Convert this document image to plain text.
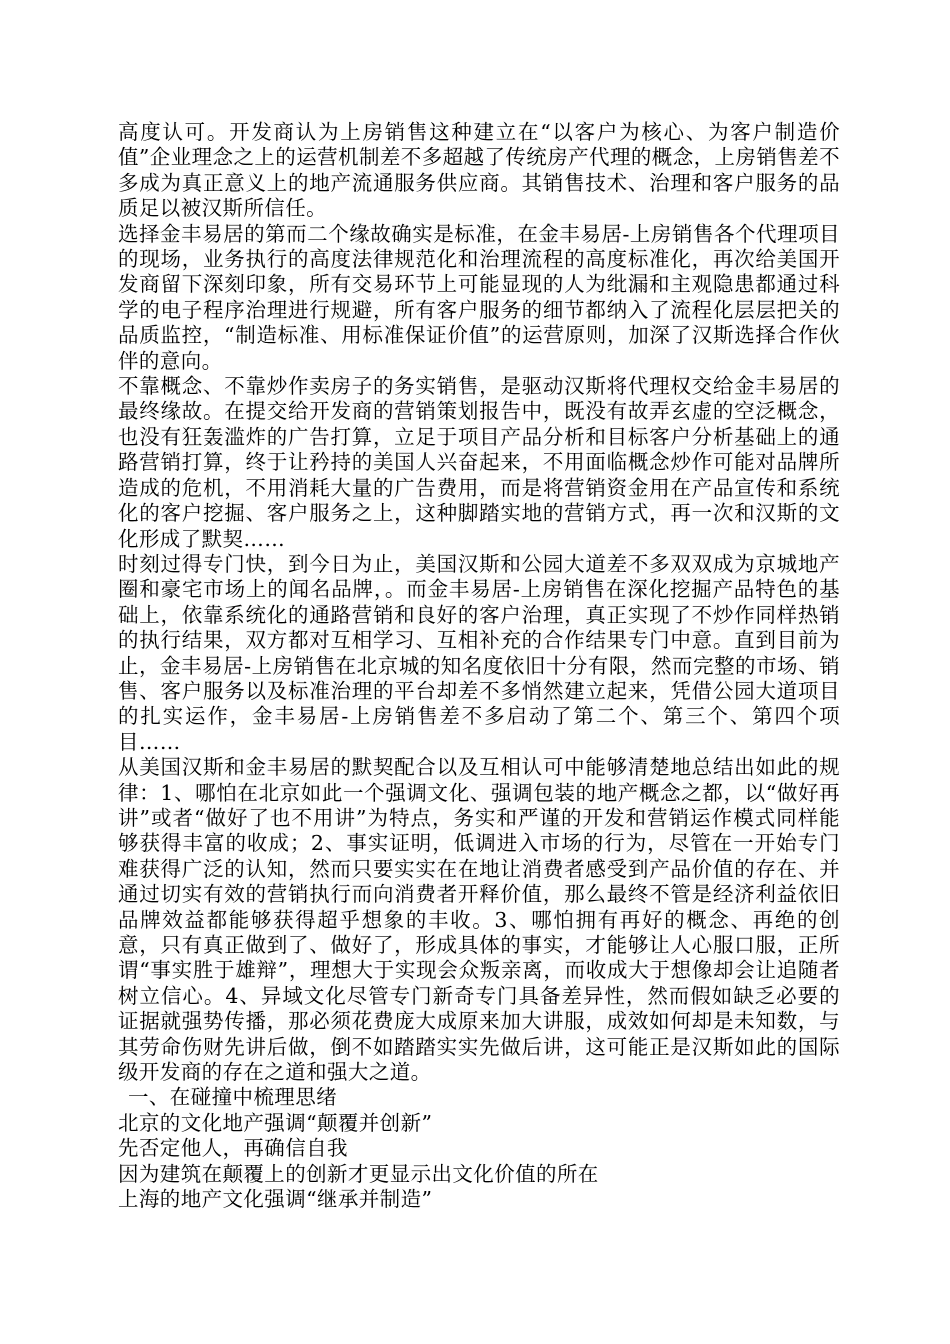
高度认可。开发商认为上房销售这种建立在“以客户为核心、为客户制造价值”企业理念之上的运营机制差不多超越了传统房产代理的概念，上房销售差不多成为真正意义上的地产流通服务供应商。其销售技术、治理和客户服务的品质足以被汉斯所信任。

选择金丰易居的第而二个缘故确实是标准，在金丰易居-上房销售各个代理项目的现场，业务执行的高度法律规范化和治理流程的高度标准化，再次给美国开发商留下深刻印象，所有交易环节上可能显现的人为纰漏和主观隐患都通过科学的电子程序治理进行规避，所有客户服务的细节都纳入了流程化层层把关的品质监控，“制造标准、用标准保证价值”的运营原则，加深了汉斯选择合作伙伴的意向。

不靠概念、不靠炒作卖房子的务实销售，是驱动汉斯将代理权交给金丰易居的最终缘故。在提交给开发商的营销策划报告中，既没有故弄玄虚的空泛概念，也没有狂轰滥炸的广告打算，立足于项目产品分析和目标客户分析基础上的通路营销打算，终于让矜持的美国人兴奋起来，不用面临概念炒作可能对品牌所造成的危机，不用消耗大量的广告费用，而是将营销资金用在产品宣传和系统化的客户挖掘、客户服务之上，这种脚踏实地的营销方式，再一次和汉斯的文化形成了默契……

时刻过得专门快，到今日为止，美国汉斯和公园大道差不多双双成为京城地产圈和豪宅市场上的闻名品牌，。而金丰易居-上房销售在深化挖掘产品特色的基础上，依靠系统化的通路营销和良好的客户治理，真正实现了不炒作同样热销的执行结果，双方都对互相学习、互相补充的合作结果专门中意。直到目前为止，金丰易居-上房销售在北京城的知名度依旧十分有限，然而完整的市场、销售、客户服务以及标准治理的平台却差不多悄然建立起来，凭借公园大道项目的扎实运作，金丰易居-上房销售差不多启动了第二个、第三个、第四个项目……

从美国汉斯和金丰易居的默契配合以及互相认可中能够清楚地总结出如此的规律：1、哪怕在北京如此一个强调文化、强调包装的地产概念之都，以“做好再讲”或者“做好了也不用讲”为特点，务实和严谨的开发和营销运作模式同样能够获得丰富的收成；2、事实证明，低调进入市场的行为，尽管在一开始专门难获得广泛的认知，然而只要实实在在地让消费者感受到产品价值的存在、并通过切实有效的营销执行而向消费者开释价值，那么最终不管是经济利益依旧品牌效益都能够获得超乎想象的丰收。3、哪怕拥有再好的概念、再绝的创意，只有真正做到了、做好了，形成具体的事实，才能够让人心服口服，正所谓“事实胜于雄辩”，理想大于实现会众叛亲离，而收成大于想像却会让追随者树立信心。4、异域文化尽管专门新奇专门具备差异性，然而假如缺乏必要的证据就强势传播，那必须花费庞大成原来加大讲服，成效如何却是未知数，与其劳命伤财先讲后做，倒不如踏踏实实先做后讲，这可能正是汉斯如此的国际级开发商的存在之道和强大之道。

一、在碰撞中梳理思绪

北京的文化地产强调“颠覆并创新”

先否定他人，再确信自我

因为建筑在颠覆上的创新才更显示出文化价值的所在

上海的地产文化强调“继承并制造”
